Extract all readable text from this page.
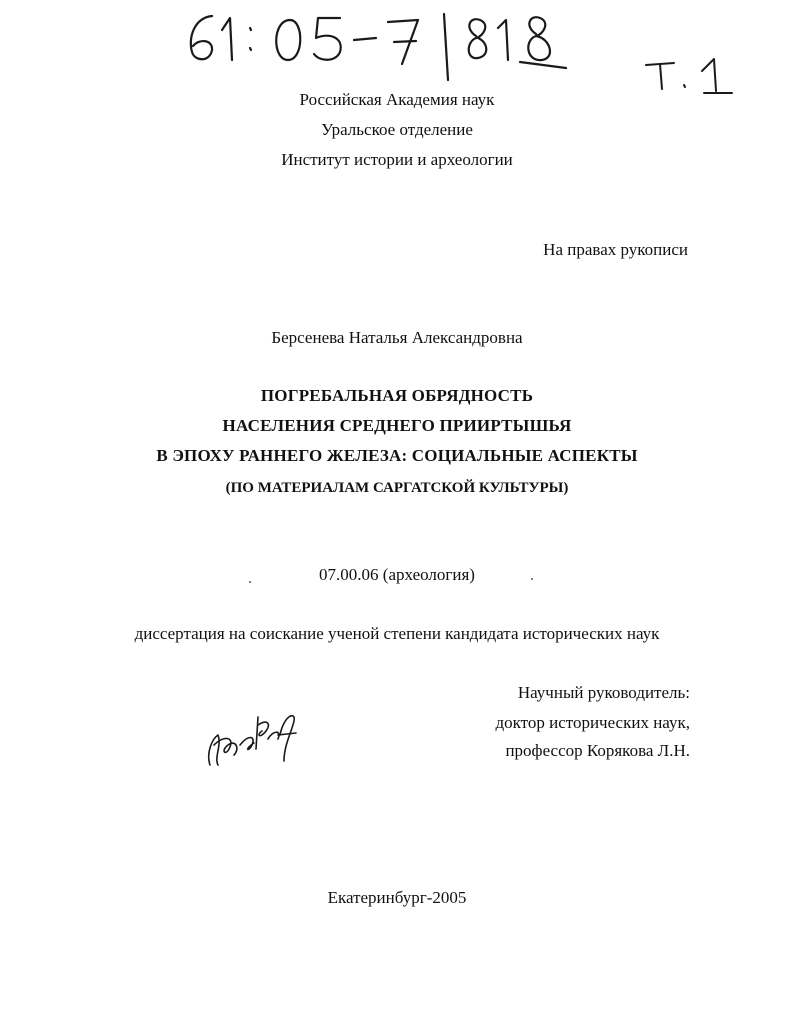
Российская Академия наук
Уральское отделение
Институт истории и археологии
На правах рукописи
Берсенева Наталья Александровна
ПОГРЕБАЛЬНАЯ ОБРЯДНОСТЬ
НАСЕЛЕНИЯ СРЕДНЕГО ПРИИРТЫШЬЯ
В ЭПОХУ РАННЕГО ЖЕЛЕЗА: СОЦИАЛЬНЫЕ АСПЕКТЫ
(ПО МАТЕРИАЛАМ САРГАТСКОЙ КУЛЬТУРЫ)
07.00.06 (археология)
диссертация на соискание ученой степени кандидата исторических наук
Научный руководитель:
доктор исторических наук,
профессор Корякова Л.Н.
Екатеринбург-2005
